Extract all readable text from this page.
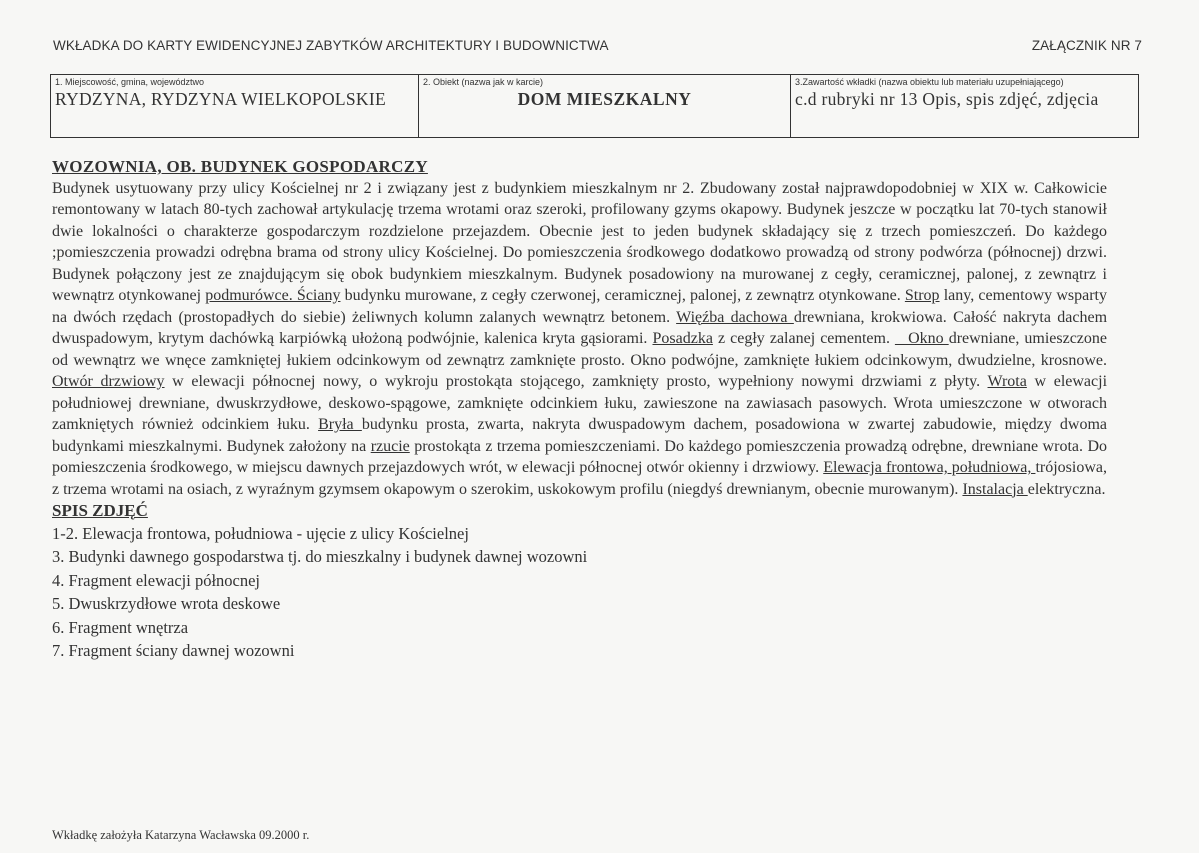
WKŁADKA DO KARTY EWIDENCYJNEJ ZABYTKÓW ARCHITEKTURY I BUDOWNICTWA	ZAŁĄCZNIK NR 7
1. Miejscowość, gmina, województwo
RYDZYNA, RYDZYNA WIELKOPOLSKIE
2. Obiekt (nazwa jak w karcie)
DOM MIESZKALNY
3.Zawartość wkładki (nazwa obiektu lub materiału uzupełniającego)
c.d rubryki nr 13 Opis, spis zdjęć, zdjęcia
WOZOWNIA, OB. BUDYNEK GOSPODARCZY
Budynek usytuowany przy ulicy Kościelnej nr 2 i związany jest z budynkiem mieszkalnym nr 2. Zbudowany został najprawdopodobniej w XIX w. Całkowicie remontowany w latach 80-tych zachował artykulację trzema wrotami oraz szeroki, profilowany gzyms okapowy. Budynek jeszcze w początku lat 70-tych stanowił dwie lokalności o charakterze gospodarczym rozdzielone przejazdem. Obecnie jest to jeden budynek składający się z trzech pomieszczeń. Do każdego ;pomieszczenia prowadzi odrębna brama od strony ulicy Kościelnej. Do pomieszczenia środkowego dodatkowo prowadzą od strony podwórza (północnej) drzwi. Budynek połączony jest ze znajdującym się obok budynkiem mieszkalnym. Budynek posadowiony na murowanej z cegły, ceramicznej, palonej, z zewnątrz i wewnątrz otynkowanej podmurówce. Ściany budynku murowane, z cegły czerwonej, ceramicznej, palonej, z zewnątrz otynkowane. Strop lany, cementowy wsparty na dwóch rzędach (prostopadłych do siebie) żeliwnych kolumn zalanych wewnątrz betonem. Więźba dachowa drewniana, krokwiowa. Całość nakryta dachem dwuspadowym, krytym dachówką karpiówką ułożoną podwójnie, kalenica kryta gąsiorami. Posadzka z cegły zalanej cementem. _ Okno drewniane, umieszczone od wewnątrz we wnęce zamkniętej łukiem odcinkowym od zewnątrz zamknięte prosto. Okno podwójne, zamknięte łukiem odcinkowym, dwudzielne, krosnowe. Otwór drzwiowy w elewacji północnej nowy, o wykroju prostokąta stojącego, zamknięty prosto, wypełniony nowymi drzwiami z płyty. Wrota w elewacji południowej drewniane, dwuskrzydłowe, deskowo-spągowe, zamknięte odcinkiem łuku, zawieszone na zawiasach pasowych. Wrota umieszczone w otworach zamkniętych również odcinkiem łuku. Bryła budynku prosta, zwarta, nakryta dwuspadowym dachem, posadowiona w zwartej zabudowie, między dwoma budynkami mieszkalnymi. Budynek założony na rzucie prostokąta z trzema pomieszczeniami. Do każdego pomieszczenia prowadzą odrębne, drewniane wrota. Do pomieszczenia środkowego, w miejscu dawnych przejazdowych wrót, w elewacji północnej otwór okienny i drzwiowy. Elewacja frontowa, południowa, trójosiowa, z trzema wrotami na osiach, z wyraźnym gzymsem okapowym o szerokim, uskokowym profilu (niegdyś drewnianym, obecnie murowanym). Instalacja elektryczna.
SPIS ZDJĘĆ
1-2. Elewacja frontowa, południowa - ujęcie z ulicy Kościelnej
3. Budynki dawnego gospodarstwa tj. do mieszkalny i budynek dawnej wozowni
4. Fragment elewacji północnej
5. Dwuskrzydłowe wrota deskowe
6. Fragment wnętrza
7. Fragment ściany dawnej wozowni
Wkładkę założyła Katarzyna Wacławska 09.2000 r.
